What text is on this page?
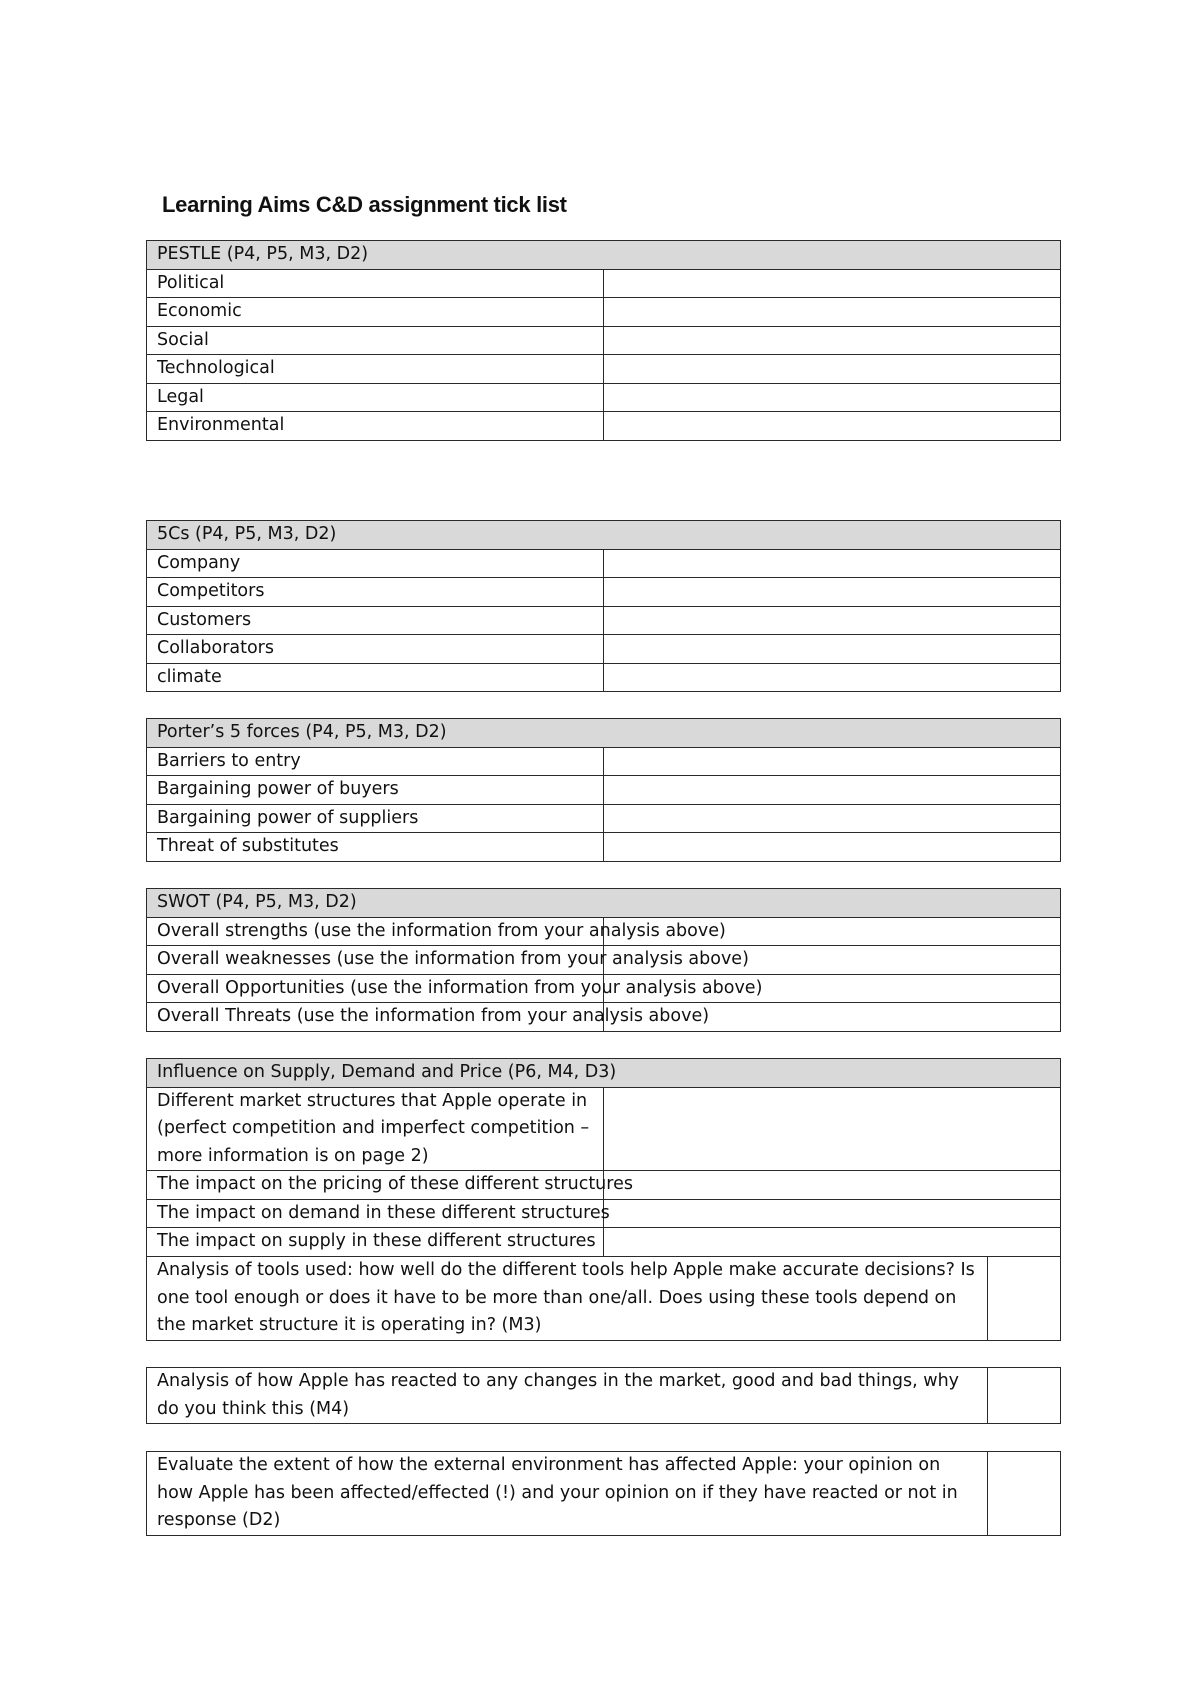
Learning Aims C&D assignment tick list
PESTLE (P4, P5, M3, D2)	
Political	
Economic	
Social	
Technological	
Legal	
Environmental	
5Cs (P4, P5, M3, D2)	
Company	
Competitors	
Customers	
Collaborators	
climate	
Porter’s 5 forces (P4, P5, M3, D2)	
Barriers to entry	
Bargaining power of buyers	
Bargaining power of suppliers	
Threat of substitutes	
SWOT (P4, P5, M3, D2)	
Overall strengths (use the information from your analysis above)	
Overall weaknesses (use the information from your analysis above)	
Overall Opportunities (use the information from your analysis above)	
Overall Threats (use the information from your analysis above)	
Influence on Supply, Demand and Price (P6, M4, D3)	
Different market structures that Apple operate in (perfect competition and imperfect competition – more information is on page 2)	
The impact on the pricing of these different structures	
The impact on demand in these different structures	
The impact on supply in these different structures	
Analysis of tools used: how well do the different tools help Apple make accurate decisions? Is one tool enough or does it have to be more than one/all. Does using these tools depend on the market structure it is operating in? (M3)	
Analysis of how Apple has reacted to any changes in the market, good and bad things, why do you think this (M4)	
Evaluate the extent of how the external environment has affected Apple: your opinion on how Apple has been affected/effected (!) and your opinion on if they have reacted or not in response (D2)	
